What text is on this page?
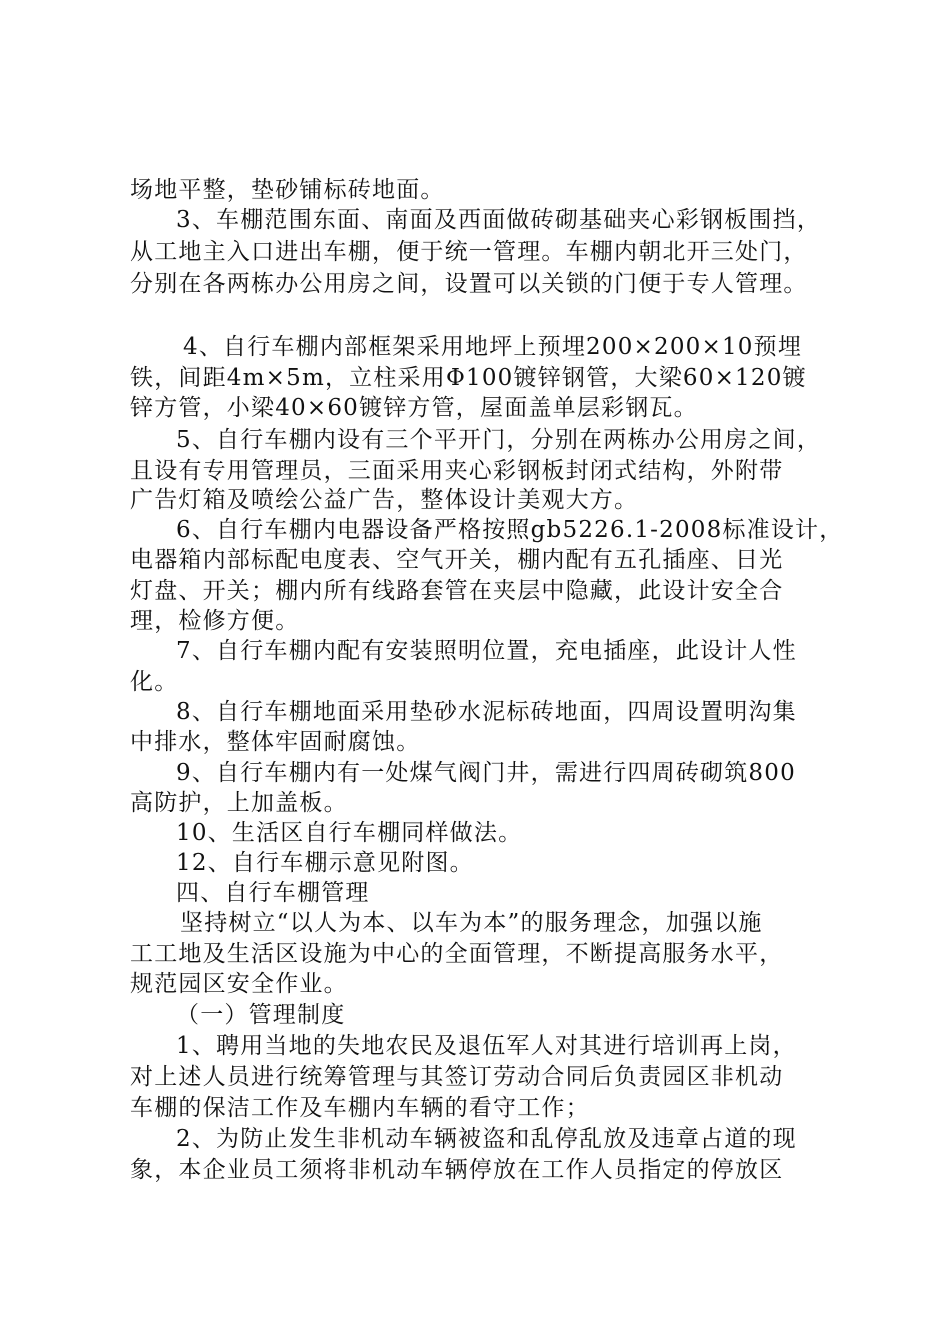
场地平整，垫砂铺标砖地面。
3、车棚范围东面、南面及西面做砖砌基础夹心彩钢板围挡，
从工地主入口进出车棚，便于统一管理。车棚内朝北开三处门，
分别在各两栋办公用房之间，设置可以关锁的门便于专人管理。
4、自行车棚内部框架采用地坪上预埋200×200×10预埋
铁，间距4m×5m，立柱采用Φ100镀锌钢管，大梁60×120镀
锌方管，小梁40×60镀锌方管，屋面盖单层彩钢瓦。
5、自行车棚内设有三个平开门，分别在两栋办公用房之间，
且设有专用管理员，三面采用夹心彩钢板封闭式结构，外附带
广告灯箱及喷绘公益广告，整体设计美观大方。
6、自行车棚内电器设备严格按照gb5226.1-2008标准设计，
电器箱内部标配电度表、空气开关，棚内配有五孔插座、日光
灯盘、开关；棚内所有线路套管在夹层中隐藏，此设计安全合
理，检修方便。
7、自行车棚内配有安装照明位置，充电插座，此设计人性
化。
8、自行车棚地面采用垫砂水泥标砖地面，四周设置明沟集
中排水，整体牢固耐腐蚀。
9、自行车棚内有一处煤气阀门井，需进行四周砖砌筑800
高防护，上加盖板。
10、生活区自行车棚同样做法。
12、自行车棚示意见附图。
四、自行车棚管理
坚持树立“以人为本、以车为本”的服务理念，加强以施
工工地及生活区设施为中心的全面管理，不断提高服务水平，
规范园区安全作业。
（一）管理制度
1、聘用当地的失地农民及退伍军人对其进行培训再上岗，
对上述人员进行统筹管理与其签订劳动合同后负责园区非机动
车棚的保洁工作及车棚内车辆的看守工作；
2、为防止发生非机动车辆被盗和乱停乱放及违章占道的现
象，本企业员工须将非机动车辆停放在工作人员指定的停放区
